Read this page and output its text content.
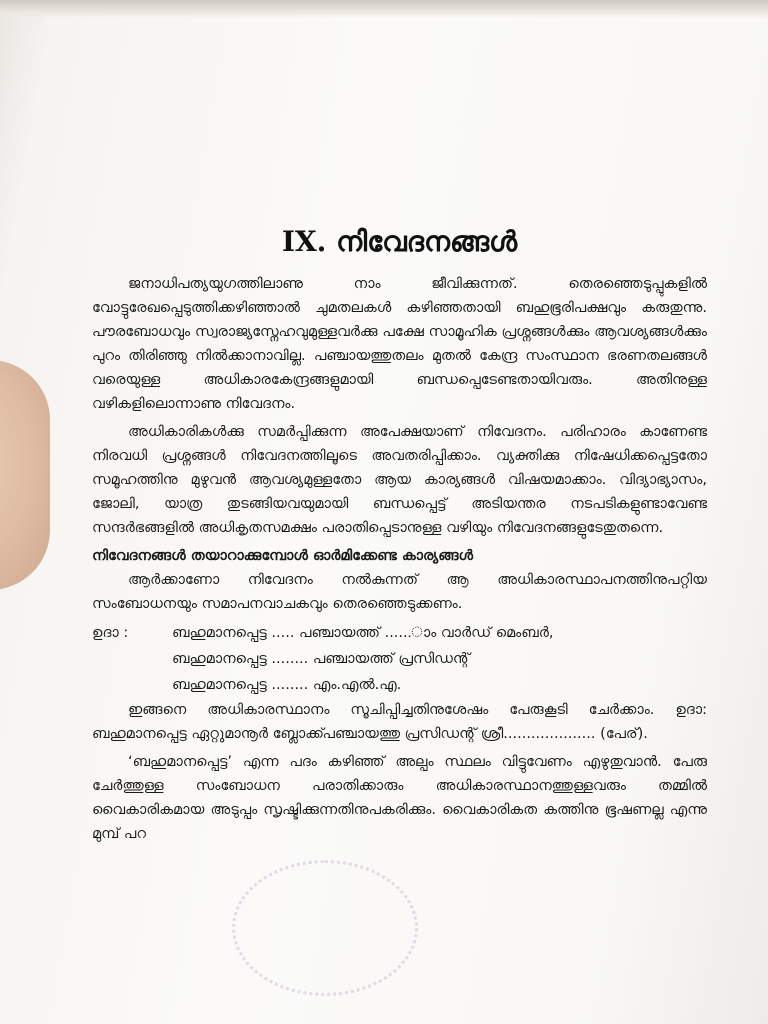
IX. നിവേദനങ്ങൾ

ജനാധിപത്യയുഗത്തിലാണു നാം ജീവിക്കുന്നത്. തെരഞ്ഞെടുപ്പുകളിൽ വോട്ടുരേഖപ്പെടുത്തിക്കഴിഞ്ഞാൽ ചുമതലകൾ കഴിഞ്ഞതായി ബഹുഭൂരിപക്ഷവും കരുതുന്നു. പൗരബോധവും സ്വരാജ്യസ്നേഹവുമുള്ളവർക്കു പക്ഷേ സാമൂഹിക പ്രശ്നങ്ങൾക്കും ആവശ്യങ്ങൾക്കും പുറം തിരിഞ്ഞു നിൽക്കാനാവില്ല. പഞ്ചായത്തുതലം മുതൽ കേന്ദ്ര സംസ്ഥാന ഭരണതലങ്ങൾ വരെയുള്ള അധികാരകേന്ദ്രങ്ങളുമായി ബന്ധപ്പെടേണ്ടതായിവരും. അതിനുള്ള വഴികളിലൊന്നാണു നിവേദനം.

അധികാരികൾക്കു സമർപ്പിക്കുന്ന അപേക്ഷയാണ് നിവേദനം. പരിഹാരം കാണേണ്ട നിരവധി പ്രശ്നങ്ങൾ നിവേദനത്തിലൂടെ അവതരിപ്പിക്കാം. വ്യക്തിക്കു നിഷേധിക്കപ്പെട്ടതോ സമൂഹത്തിനു മുഴുവൻ ആവശ്യമുള്ളതോ ആയ കാര്യങ്ങൾ വിഷയമാക്കാം. വിദ്യാഭ്യാസം, ജോലി, യാത്ര തുടങ്ങിയവയുമായി ബന്ധപ്പെട്ട് അടിയന്തര നടപടികളുണ്ടാവേണ്ട സന്ദർഭങ്ങളിൽ അധികൃതസമക്ഷം പരാതിപ്പെടാനുള്ള വഴിയും നിവേദനങ്ങളുടേതുതന്നെ.

നിവേദനങ്ങൾ തയാറാക്കുമ്പോൾ ഓർമിക്കേണ്ട കാര്യങ്ങൾ

ആർക്കാണോ നിവേദനം നൽകുന്നത് ആ അധികാരസ്ഥാപനത്തിനുപറ്റിയ സംബോധനയും സമാപനവാചകവും തെരഞ്ഞെടുക്കണം.

ഉദാ :	ബഹുമാനപ്പെട്ട ..... പഞ്ചായത്ത് ......ാം വാർഡ് മെംബർ,
ബഹുമാനപ്പെട്ട ........ പഞ്ചായത്ത് പ്രസിഡന്റ്
ബഹുമാനപ്പെട്ട ........ എം.എൽ.എ.

ഇങ്ങനെ അധികാരസ്ഥാനം സൂചിപ്പിച്ചതിനുശേഷം പേരുകൂടി ചേർക്കാം. ഉദാ: ബഹുമാനപ്പെട്ട ഏറ്റുമാനൂർ ബ്ലോക്ക്പഞ്ചായത്തു പ്രസിഡന്റ് ശ്രീ.................... (പേര്).

‘ബഹുമാനപ്പെട്ട’ എന്ന പദം കഴിഞ്ഞ് അല്പം സ്ഥലം വിട്ടുവേണം എഴുതുവാൻ. പേരു ചേർത്തുള്ള സംബോധന പരാതിക്കാരും അധികാരസ്ഥാനത്തുള്ളവരും തമ്മിൽ വൈകാരികമായ അടുപ്പം സൃഷ്ടിക്കുന്നതിനുപകരിക്കും. വൈകാരികത കത്തിനു ഭൂഷണല്ല എന്നു മുമ്പ് പറ
